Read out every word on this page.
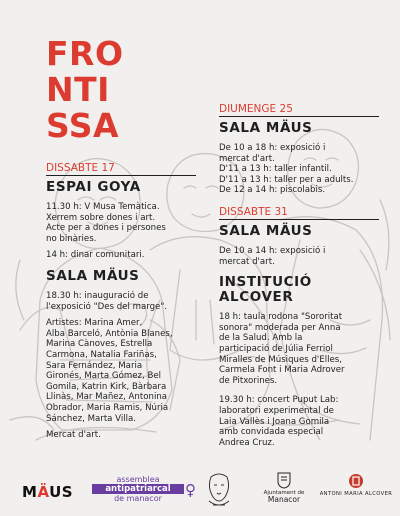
FRO
NTI
SSA
DISSABTE 17
ESPAI GOYA
11.30 h: V Musa Temàtica.
Xerrem sobre dones i art.
Acte per a dones i persones
no binàries.
14 h: dinar comunitari.
SALA MÄUS
18.30 h: inauguració de
l'exposició "Des del marge".
Artistes: Marina Amer,
Alba Barceló, Antònia Blanes,
Marina Cànoves, Estrella
Carmona, Natalia Fariñas,
Sara Fernández, Maria
Gironés, Marta Gómez, Bel
Gomila, Katrin Kirk, Bàrbara
Llinàs, Mar Mañez, Antonina
Obrador, Maria Ramis, Núria
Sánchez, Marta Villa.
Mercat d'art.
DIUMENGE 25
SALA MÄUS
De 10 a 18 h: exposició i
mercat d'art.
D'11 a 13 h: taller infantil.
D'11 a 13 h: taller per a adults.
De 12 a 14 h: piscolabis.
DISSABTE 31
SALA MÄUS
De 10 a 14 h: exposició i
mercat d'art.
INSTITUCIÓ
ALCOVER
18 h: taula rodona "Sororitat
sonora" moderada per Anna
de la Salud. Amb la
participació de Júlia Ferriol
Miralles de Músiques d'Elles,
Carmela Font i Maria Adrover
de Pitxorines.
19.30 h: concert Puput Lab:
laboratori experimental de
Laia Vallès i Joana Gomila
amb convidada especial
Andrea Cruz.
MÄUS
assemblea
antipatriarcal
de manacor	♀	Ajuntament de
Manacor
ANTONI MARIA ALCOVER
